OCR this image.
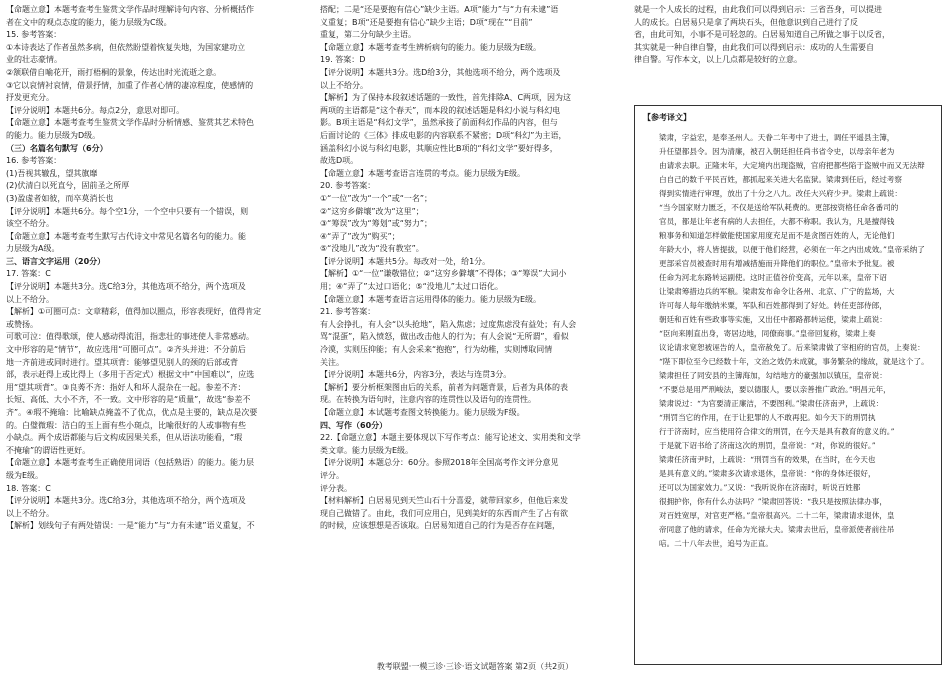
【命题立意】本题考查考生鉴赏文学作品时理解诗句内容、分析概括作

者在文中的观点态度的能力，能力层级为C级。

15. 参考答案：

①本诗表达了作者虽然多病，但依然盼望着恢复失地，为国家建功立

业的壮志豪情。

②颔联借自喻花开，雨打梧桐的景象，传达出时光流逝之意。

③它以哀情衬哀情，借景抒情，加重了作者心情的凄凉程度，使感情的

抒发更充分。

【评分说明】本题共6分。每点2分，意思对即可。

【命题立意】本题考查考生鉴赏文学作品时分析情感、鉴赏其艺术特色

的能力。能力层级为D级。

（三）名篇名句默写（6分）

16. 参考答案：

(1)吾视其辙乱，望其旗靡

(2)伏清白以死直兮，固前圣之所厚

(3)盈虚者如彼，而卒莫消长也

【评分说明】本题共6分。每个空1分，一个空中只要有一个错误，则

该空不给分。

【命题立意】本题考查考生默写古代诗文中常见名篇名句的能力。能

力层级为A级。

三、语言文字运用（20分）

17. 答案：C

【评分说明】本题共3分。选C给3分，其他选项不给分，两个选项及

以上不给分。

【解析】①可圈可点：文章精彩，值得加以圈点，形容表现好，值得肯定

或赞扬。

可歌可泣：值得歌颂，使人感动得流泪，指悲壮的事迹使人非常感动。

文中形容的是“情节”，故应选用“可圈可点”。②齐头并进：不分前后

地一齐前进或同时进行。望其项背：能够望见别人的颈的后部或背

部，表示赶得上或比得上（多用于否定式）根据文中“中国难以”，应选

用“望其项背”。③良莠不齐：指好人和坏人混杂在一起。参差不齐：

长短、高低、大小不齐，不一致。文中形容的是“质量”，故选“参差不

齐”。④瑕不掩瑜：比喻缺点掩盖不了优点，优点是主要的，缺点是次要

的。白璧微瑕：洁白的玉上面有些小斑点，比喻很好的人或事物有些

小缺点。两个成语都能与后文构成因果关系，但从语法功能看，“瑕

不掩瑜”的谓语性更好。

【命题立意】本题考查考生正确使用词语（包括熟语）的能力。能力层

级为E级。

18. 答案：C

【评分说明】本题共3分。选C给3分，其他选项不给分，两个选项及

以上不给分。

【解析】划线句子有两处错误：一是“能力”与“力有未逮”语义重复，不

搭配；二是“还是要抱有信心”缺少主语。A项“能力”与“力有未逮”语

义重复；B项“还是要抱有信心”缺少主语；D项“现在”“目前”

重复，第二分句缺少主语。

【命题立意】本题考查考生辨析病句的能力。能力层级为E级。

19. 答案：D

【评分说明】本题共3分。选D给3分，其他选项不给分，两个选项及

以上不给分。

【解析】为了保持本段叙述话题的一致性，首先排除A、C两项，因为这

两项的主语都是“这个春天”，而本段的叙述话题是科幻小说与科幻电

影。B项主语是“科幻文学”，虽然承接了前面科幻作品的内容，但与

后面讨论的《三体》排成电影的内容联系不紧密；D项“科幻”为主语，

涵盖科幻小说与科幻电影，其顺应性比B项的“科幻文学”要好得多，

故选D项。

【命题立意】本题考查语言连贯的考点。能力层级为E级。

20. 参考答案：

①“一位”改为“一个”或“一名”；

②“这穷乡僻壤”改为“这里”；

③“筹误”改为“筹划”或“努力”；

④“弄了”改为“购买”；

⑤“没地儿”改为“没有教室”。

【评分说明】本题共5分。每改对一处，给1分。

【解析】①“一位”谦敬错位；②“这穷乡僻壤”不得体；③“筹误”大词小

用；④“弄了”太过口语化；⑤“没地儿”太过口语化。

【命题立意】本题考查语言运用得体的能力。能力层级为E级。

21. 参考答案：

有人会挣扎，有人会“以头抢地”，陷入焦虑；过度焦虑没有益处；有人会

骂“混蛋”，陷入愤怒，做出改击他人的行为；有人会说“无所谓”，看似

冷漠，实则压抑能；有人会采来“抱抱”，行为幼稚，实则博取同情

关注。

【评分说明】本题共6分，内容3分，表达与连贯3分。

【解析】要分析框架图由后的关系，前者为问题背景，后者为具体的表

现。在转换为语句时，注意内容的连贯性以及语句的连贯性。

【命题立意】本试题考查图文转换能力。能力层级为F级。

四、写作（60分）

22.【命题立意】本题主要体现以下写作考点：能写论述文、实用类和文学

类文章。能力层级为E级。

【评分说明】本题总分：60分。参照2018年全国高考作文评分意见

评分。

评分表。

【材料解析】白居易见到天竺山石十分喜爱，就带回家乡，但他后来发

现自己做错了。由此，我们可应用白，见到美好的东西而产生了占有欲

的时候，应该想想是否该取。白居易知道自己的行为是否存在问题，

就是一个人成长的过程，由此我们可以得到启示：三省吾身，可以提进

人的成长。白居易只是拿了两块石头，但他意识到自己进行了反

省，由此可知，小事不是可轻忽的。白居易知道自己所做之事于以反省，

其实就是一种自律自警，由此我们可以得到启示：成功的人生需要自

律自警。写作本文，以上几点都是较好的立意。

【参考译文】

梁肃，字益宏，是奉圣州人。天眷二年考中了进士，调任平遥县主簿，

升任望都县令。因为清廉，被召入朝廷担任尚书省令史，以母亲年老为

由请求去职。正隆末年，大定境内出现盗贼，官府把都些陷于盗贼中而又无法辩

白自己的数千平民百姓，都抓起来关进大名监狱。梁肃到任后，经过考察

得到实情进行审理，放出了十分之八九。改任大兴府少尹。梁肃上疏说：

“当今国家财力匮乏，不仅是送给军队耗费的。更部按资格任命各番司的

官员，都是让年老有病的人去担任，大都不称职。我认为，凡是擅得钱

粮事务和知道怎样做能使国家用度充足而不是贪图百姓的人，无论他们

年龄大小，将人皆提拔，以便于他们经营，必须在一年之内出成效。”皇帝采纳了

更部采官员被查时用有增减措施而升降他们的职位。”皇帝未予批复。被

任命为河北东路转运副使。这时正值谷价变高，元年以来，皇帝下诏

让梁肃筹措边兵的军粮。梁肃发布命令让各州、北京、广宁的监场，大

许可每人每年缴纳米粟，军队和百姓都得到了好处。转任吏部侍郎，

朝廷和百姓有些政事等实施，又出任中都路都转运使，梁肃上疏说：

“臣向来刚直出身，寄居边地，同僚商事。”皇帝回复称，梁肃上奏

议论请求宽恕被诬告的人，皇帝赦免了。后来梁肃做了宰相府的官员，上奏说：

“陛下即位至今已经数十年，文治之效仍未成就，事务繁杂的缘故，就是这个了。

梁肃担任了同安县的主簿海加，勾结地方的豪强加以镇压，皇帝说：

“不要总是用严刑峻法，要以德服人，要以亲善推广政治。”明昌元年，

梁肃说过：“为官要清正廉洁，不要图利。”梁肃任济南尹，上疏说：

“刑罚当它的作用，在于让犯罪的人不敢再犯。如今天下的刑罚执

行于济南时，应当使用符合律文的刑罚，在今天是具有教育的意义的。”

于是就下诏书给了济南这次的刑罚，皇帝说：“对，你说的很好。”

梁肃任济南尹时，上疏说：“刑罚当有的效果，在当时，在今天也

是具有意义的。”梁肃多次请求退休，皇帝说：“你的身体还很好，

还可以为国家效力。”又说：“我听说你在济南时，听说百姓都

很拥护你，你有什么办法吗？”梁肃回答说：“我只是按照法律办事，

对百姓宽厚，对官吏严格。”皇帝很高兴。二十二年，梁肃请求退休，皇

帝同意了他的请求，任命为光禄大夫。梁肃去世后，皇帝派使者前往吊

唁。二十八年去世，追号为正直。

教考联盟·一模三诊·三诊·语文试题答案 第2页（共2页）
